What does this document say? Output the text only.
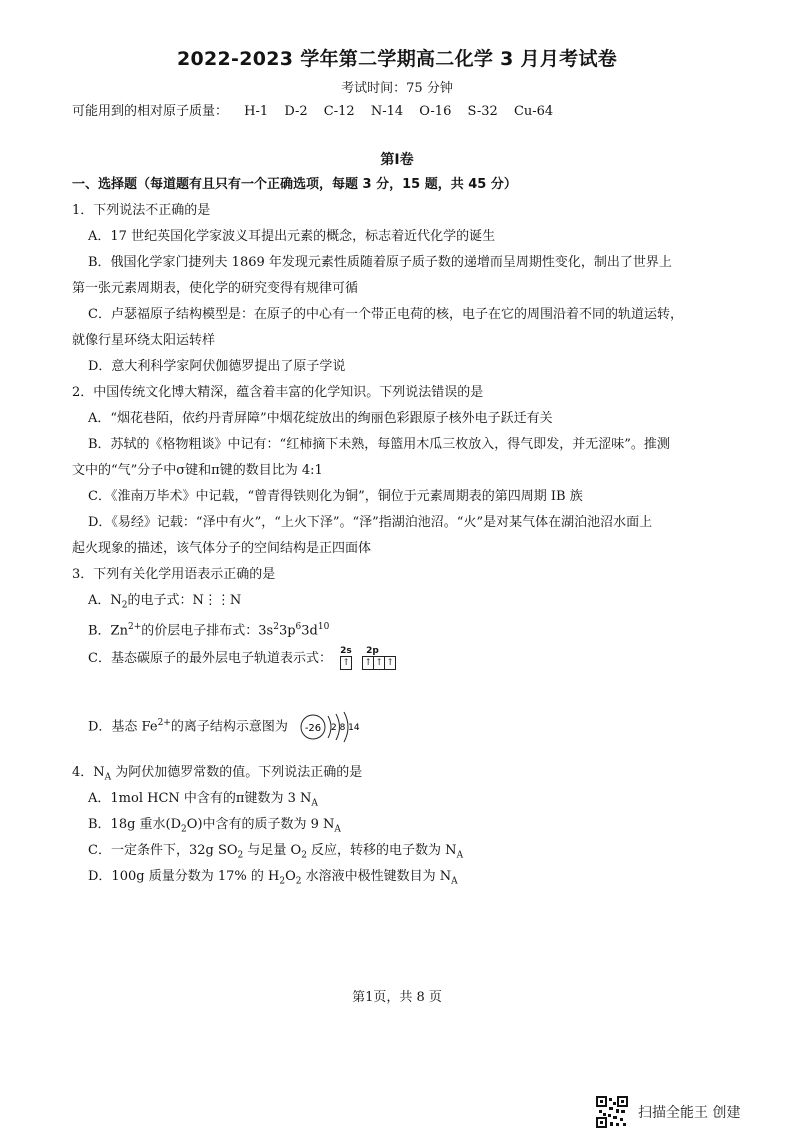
2022-2023 学年第二学期高二化学 3 月月考试卷
考试时间：75 分钟
可能用到的相对原子质量： H-1 D-2 C-12 N-14 O-16 S-32 Cu-64
第Ⅰ卷
一、选择题（每道题有且只有一个正确选项，每题 3 分，15 题，共 45 分）
1．下列说法不正确的是
A．17 世纪英国化学家波义耳提出元素的概念，标志着近代化学的诞生
B．俄国化学家门捷列夫 1869 年发现元素性质随着原子质子数的递增而呈周期性变化，制出了世界上
第一张元素周期表，使化学的研究变得有规律可循
C．卢瑟福原子结构模型是：在原子的中心有一个带正电荷的核，电子在它的周围沿着不同的轨道运转，
就像行星环绕太阳运转样
D．意大利科学家阿伏伽德罗提出了原子学说
2．中国传统文化博大精深，蕴含着丰富的化学知识。下列说法错误的是
A．“烟花巷陌，依约丹青屏障”中烟花绽放出的绚丽色彩跟原子核外电子跃迁有关
B．苏轼的《格物粗谈》中记有：“红柿摘下未熟，每篮用木瓜三枚放入，得气即发，并无涩味”。推测
文中的“气”分子中σ键和π键的数目比为 4:1
C．《淮南万毕术》中记载，“曾青得铁则化为铜”，铜位于元素周期表的第四周期 IB 族
D．《易经》记载：“泽中有火”，“上火下泽”。“泽”指湖泊池沼。“火”是对某气体在湖泊池沼水面上
起火现象的描述，该气体分子的空间结构是正四面体
3．下列有关化学用语表示正确的是
A．$N_2$的电子式：N⋮⋮N
B．$Zn^{2+}$的价层电子排布式：$3s^23p^63d^{10}$
C．基态碳原子的最外层电子轨道表示式： 2s 2p
↑ ↑ ↑ ↑
D．基态 $Fe^{2+}$的离子结构示意图为 -26 2 8 14
4．$N_A$ 为阿伏加德罗常数的值。下列说法正确的是
A．1mol HCN 中含有的π键数为 3 $N_A$
B．18g 重水$(D_2O)$中含有的质子数为 9 $N_A$
C．一定条件下，32g $SO_2$ 与足量 $O_2$ 反应，转移的电子数为 $N_A$
D．100g 质量分数为 17% 的 $H_2O_2$ 水溶液中极性键数目为 $N_A$
第1页，共 8 页
扫描全能王 创建
